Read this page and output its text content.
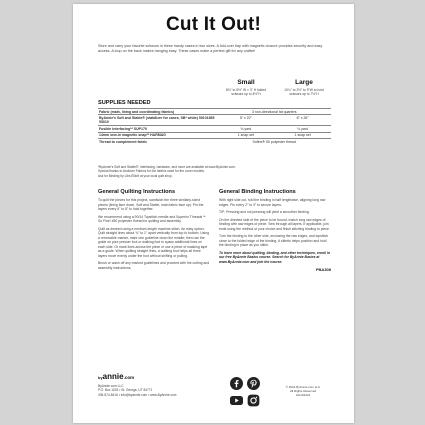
Cut It Out!
Store and carry your favorite scissors in these handy cases in two sizes. A fold-over flap with magnetic closure provides security and easy access. A loop on the back makes hanging easy. These cases make a perfect gift for any crafter!
Small
8¾" to 5½" W × 3" H folded scissors up to 4½"H
Large
10¼" to 2½" to 9"W to hold scissors up to 7½"H
SUPPLIES NEEDED
Fabric (main, lining and coordinating fabrics)	3 non-directional fat quarters	
ByAnnie's Soft and Stable® (stabilizer for cases, SB* white) 55101855 55019	5" x 22"	6" x 26"
Fusible Interfacing** SUP179	⅛ yard	⅛ yard
14mm sew-in magnetic snap** HARMAG	1 snap set	1 snap set
Thread to complement fabric	Sofine® 50 polyester thread	
*ByAnnie's Soft and Stable®, interfacing, hardware, and more are available at www.ByAnnie.com.
Special thanks to Andover Fabrics for the fabrics used for the cover models.
Ask for Binding by Libs Elliott at your local quilt shop.
General Quilting Instructions

To quilt the pieces for this project, sandwich the three similarly-sized pieces (lining face down, Soft and Stable, main fabric face up). Pin the layers every 6" to 8" to hold together.

We recommend using a 90/14 Topstitch needle and Superior Threads™ So Fine! #50 polyester thread for quilting and assembly.

Quilt as desired using a medium-length machine stitch. An easy option: Quilt straight lines about ¾" to 1" apart vertically from top to bottom. Using a removable marker, mark one guideline down the middle; then use the guide on your presser foot or walking foot to space additional lines on each side. Or mark lines across the piece or use a piece of masking tape as a guide. When quilting straight lines, a walking foot helps all three layers move evenly under the foot without shifting or pulling.

Brush or wash off any marked guidelines and proceed with the cutting and assembly instructions.

General Binding Instructions

With right side out, fold the binding in half lengthwise, aligning long raw edges. Pin every 2" to 3" to secure layers.

TIP: Pressing and not pressing will yield a smoother binding.

On the directed side of the piece to be bound, match long raw edges of binding with raw edges of piece. Sew through all layers. If applicable, join ends using the method of your choice and finish stitching binding to piece.

Turn the binding to the other side, enclosing the raw edges, and topstitch close to the folded edge of the binding. A stiletto helps position and hold the binding in place as you stitch.

To learn more about quilting, binding, and other techniques, enroll in our free ByAnnie Basics course. Search for ByAnnie Basics at www.ByAnnie.com and join the course.

PBA308
byannie.com
ByAnnie.com LLC
P.O. Box 1003 • St. George, UT 84771
435-574-8416 • info@byannie.com • www.ByAnnie.com
© 2024 ByAnnie.com LLC
All Rights Reserved
GH102424
